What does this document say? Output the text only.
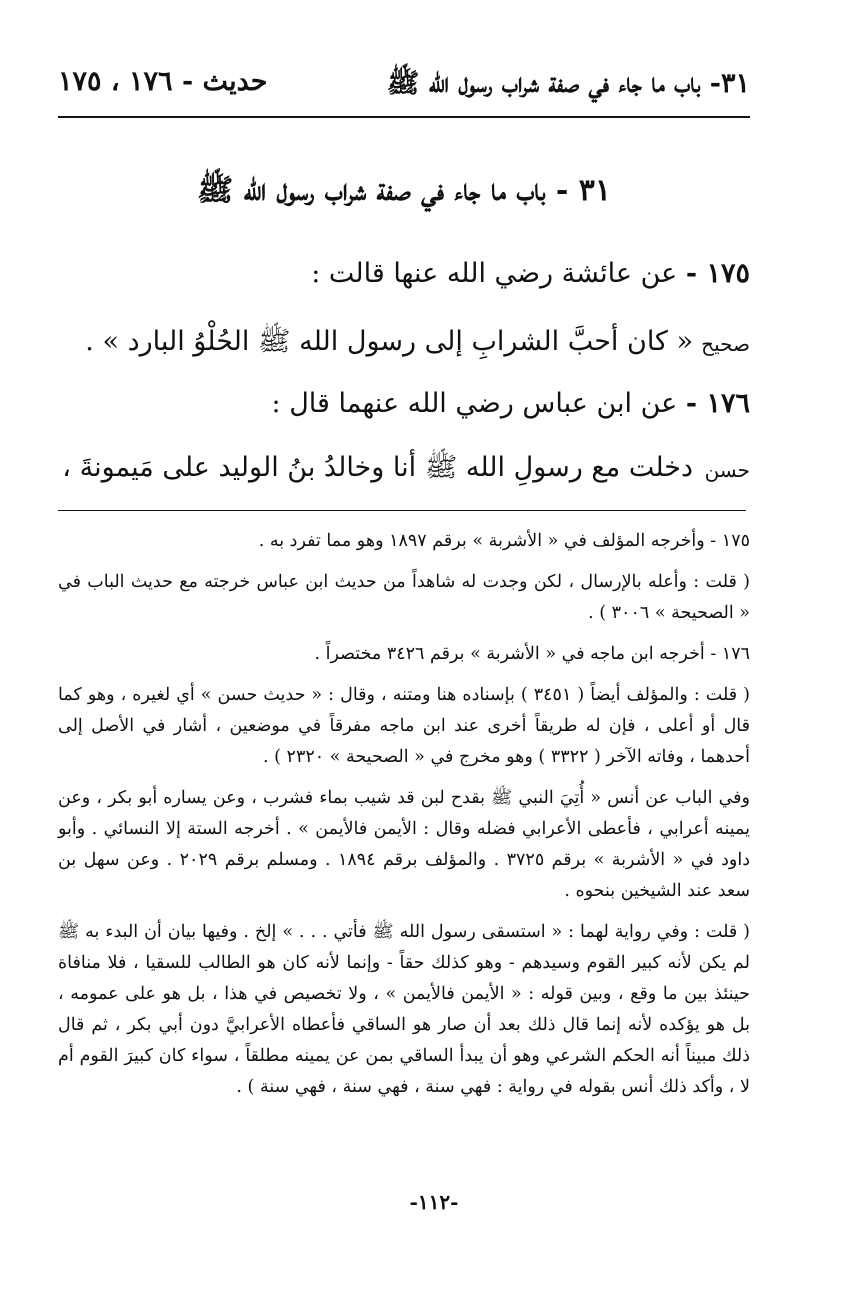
٣١- باب ما جاء في صفة شراب رسول الله ﷺ
حديث - ١٧٦ ، ١٧٥
٣١ - باب ما جاء في صفة شراب رسول الله ﷺ
١٧٥ - عن عائشة رضي الله عنها قالت :
صحيح
« كان أحبَّ الشرابِ إلى رسول الله ﷺ الحُلْوُ البارد » .
١٧٦ - عن ابن عباس رضي الله عنهما قال :
حسن
دخلت مع رسولِ الله ﷺ أنا وخالدُ بنُ الوليد على مَيمونةَ ،

١٧٥ - وأخرجه المؤلف في « الأشربة » برقم ١٨٩٧ وهو مما تفرد به .

( قلت : وأعله بالإرسال ، لكن وجدت له شاهداً من حديث ابن عباس خرجته مع حديث الباب في « الصحيحة » ٣٠٠٦ ) .

١٧٦ - أخرجه ابن ماجه في « الأشربة » برقم ٣٤٢٦ مختصراً .

( قلت : والمؤلف أيضاً ( ٣٤٥١ ) بإسناده هنا ومتنه ، وقال : « حديث حسن » أي لغيره ، وهو كما قال أو أعلى ، فإن له طريقاً أخرى عند ابن ماجه مفرقاً في موضعين ، أشار في الأصل إلى أحدهما ، وفاته الآخر ( ٣٣٢٢ ) وهو مخرج في « الصحيحة » ٢٣٢٠ ) .

وفي الباب عن أنس « أُتِيَ النبي ﷺ بقدح لبن قد شيب بماء فشرب ، وعن يساره أبو بكر ، وعن يمينه أعرابي ، فأعطى الأعرابي فضله وقال : الأيمن فالأيمن » . أخرجه الستة إلا النسائي . وأبو داود في « الأشربة » برقم ٣٧٢٥ . والمؤلف برقم ١٨٩٤ . ومسلم برقم ٢٠٢٩ . وعن سهل بن سعد عند الشيخين بنحوه .

( قلت : وفي رواية لهما : « استسقى رسول الله ﷺ فأتي . . . » إلخ . وفيها بيان أن البدء به ﷺ لم يكن لأنه كبير القوم وسيدهم - وهو كذلك حقاً - وإنما لأنه كان هو الطالب للسقيا ، فلا منافاة حينئذ بين ما وقع ، وبين قوله : « الأيمن فالأيمن » ، ولا تخصيص في هذا ، بل هو على عمومه ، بل هو يؤكده لأنه إنما قال ذلك بعد أن صار هو الساقي فأعطاه الأعرابيَّ دون أبي بكر ، ثم قال ذلك مبيناً أنه الحكم الشرعي وهو أن يبدأ الساقي بمن عن يمينه مطلقاً ، سواء كان كبيرَ القوم أم لا ، وأكد ذلك أنس بقوله في رواية : فهي سنة ، فهي سنة ، فهي سنة ) .

-١١٢-
